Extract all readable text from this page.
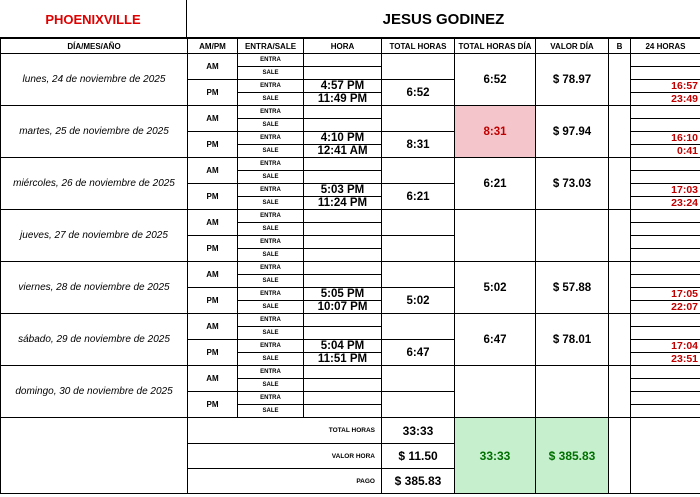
PHOENIXVILLE	JESUS GODINEZ
DÍA/MES/AÑO	AM/PM	ENTRA/SALE	HORA	TOTAL HORAS	TOTAL HORAS DÍA	VALOR DÍA	B	24 HORAS
lunes, 24 de noviembre de 2025	AM	ENTRA			6:52	$ 78.97		
		SALE						
	PM	ENTRA	4:57 PM	6:52				16:57
		SALE	11:49 PM					23:49
martes, 25 de noviembre de 2025	AM	ENTRA			8:31	$ 97.94		
		SALE						
	PM	ENTRA	4:10 PM	8:31				16:10
		SALE	12:41 AM					0:41
miércoles, 26 de noviembre de 2025	AM	ENTRA			6:21	$ 73.03		
		SALE						
	PM	ENTRA	5:03 PM	6:21				17:03
		SALE	11:24 PM					23:24
jueves, 27 de noviembre de 2025	AM	ENTRA						
		SALE						
	PM	ENTRA						
		SALE						
viernes, 28 de noviembre de 2025	AM	ENTRA			5:02	$ 57.88		
		SALE						
	PM	ENTRA	5:05 PM	5:02				17:05
		SALE	10:07 PM					22:07
sábado, 29 de noviembre de 2025	AM	ENTRA			6:47	$ 78.01		
		SALE						
	PM	ENTRA	5:04 PM	6:47				17:04
		SALE	11:51 PM					23:51
domingo, 30 de noviembre de 2025	AM	ENTRA						
		SALE						
	PM	ENTRA						
		SALE						
	TOTAL HORAS			33:33	33:33	$ 385.83		
	VALOR HORA			$ 11.50				
	PAGO			$ 385.83				
